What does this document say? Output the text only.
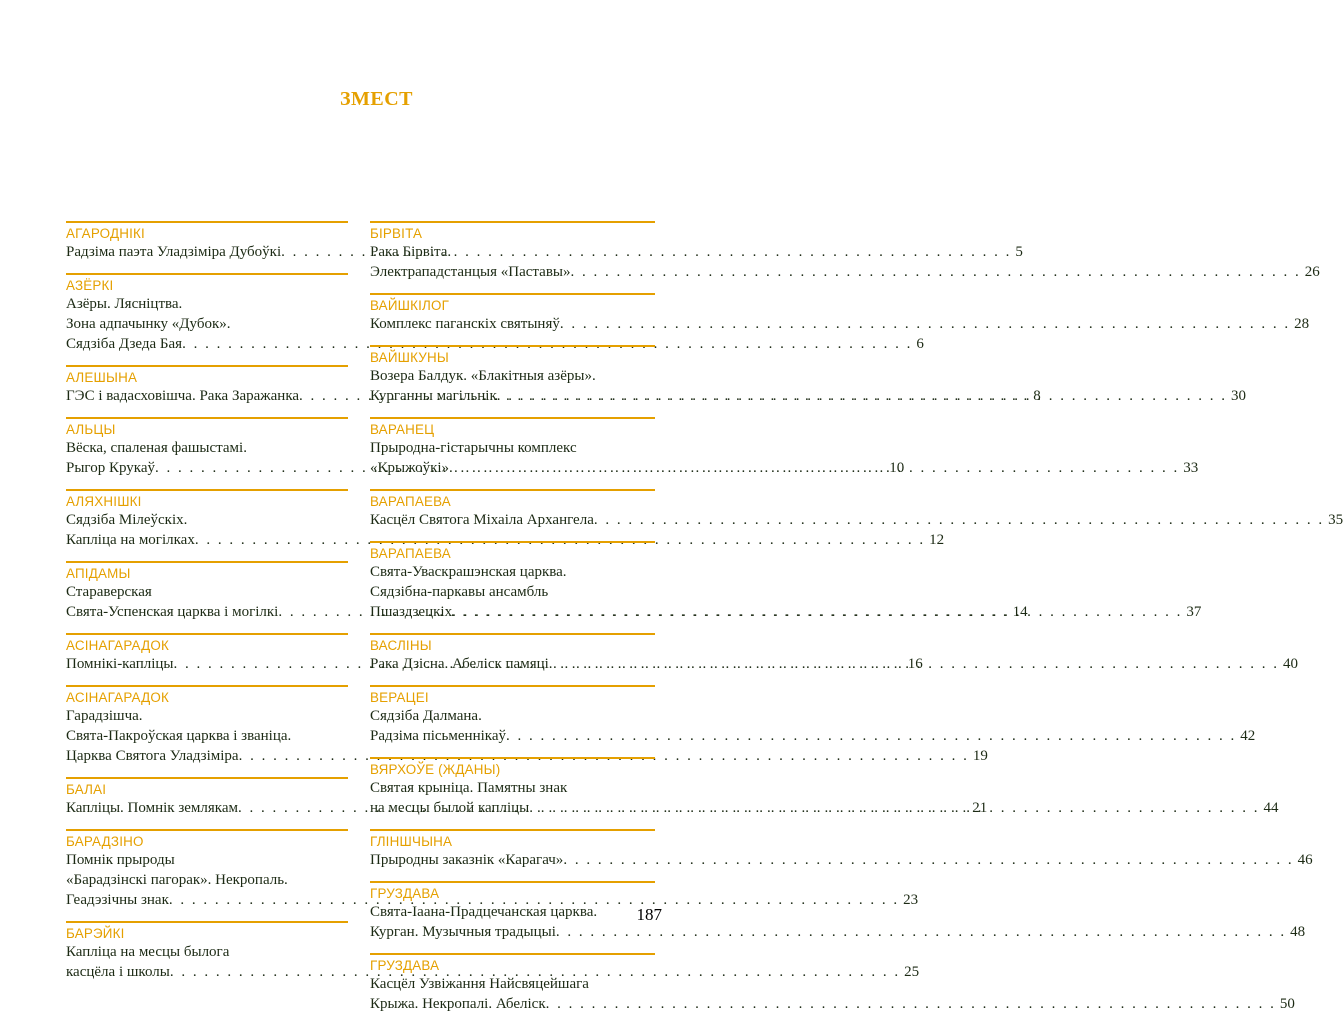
ЗМЕСТ
АГАРОДНІКІ
Радзіма паэта Уладзіміра Дубоўкі . . .	5
АЗЁРКІ
Азёры. Лясніцтва.
Зона адпачынку «Дубок».
Сядзіба Дзеда Бая . . .	6
АЛЕШЫНА
ГЭС і вадасховішча. Рака Заражанка . . .	8
АЛЬЦЫ
Вёска, спаленая фашыстамі.
Рыгор Крукаў . . .	10
АЛЯХНІШКІ
Сядзіба Мілеўскіх.
Капліца на могілках . . .	12
АПІДАМЫ
Стараверская
Свята-Успенская царква і могілкі . . .	14
АСІНАГАРАДОК
Помнікі-капліцы . . .	16
АСІНАГАРАДОК
Гарадзішча.
Свята-Пакроўская царква і званіца.
Царква Святога Уладзіміра . . .	19
БАЛАІ
Капліцы. Помнік землякам . . .	21
БАРАДЗІНО
Помнік прыроды
«Барадзінскі пагорак». Некропаль.
Геадэзічны знак . . .	23
БАРЭЙКІ
Капліца на месцы былога
касцёла і школы . . .	25
БІРВІТА
Рака Бірвіта.
Электрападстанцыя «Паставы» . . .	26
ВАЙШКІЛОГ
Комплекс паганскіх святыняў . . .	28
ВАЙШКУНЫ
Возера Балдук. «Блакітныя азёры».
Курганны магільнік . . .	30
ВАРАНЕЦ
Прыродна-гістарычны комплекс
«Крыжоўкі» . . .	33
ВАРАПАЕВА
Касцёл Святога Міхаіла Архангела . . .	35
ВАРАПАЕВА
Свята-Уваскрашэнская царква.
Сядзібна-паркавы ансамбль
Пшаздзецкіх . . .	37
ВАСЛІНЫ
Рака Дзісна. Абеліск памяці . . .	40
ВЕРАЦЕІ
Сядзіба Далмана.
Радзіма пісьменнікаў . . .	42
ВЯРХОЎЕ (ЖДАНЫ)
Святая крыніца. Памятны знак
на месцы былой капліцы . . .	44
ГЛІНШЧЫНА
Прыродны заказнік «Карагач» . . .	46
ГРУЗДАВА
Свята-Іаана-Прадцечанская царква.
Курган. Музычныя традыцыі . . .	48
ГРУЗДАВА
Касцёл Узвіжання Найсвяцейшага
Крыжа. Некропалі. Абеліск . . .	50
187
